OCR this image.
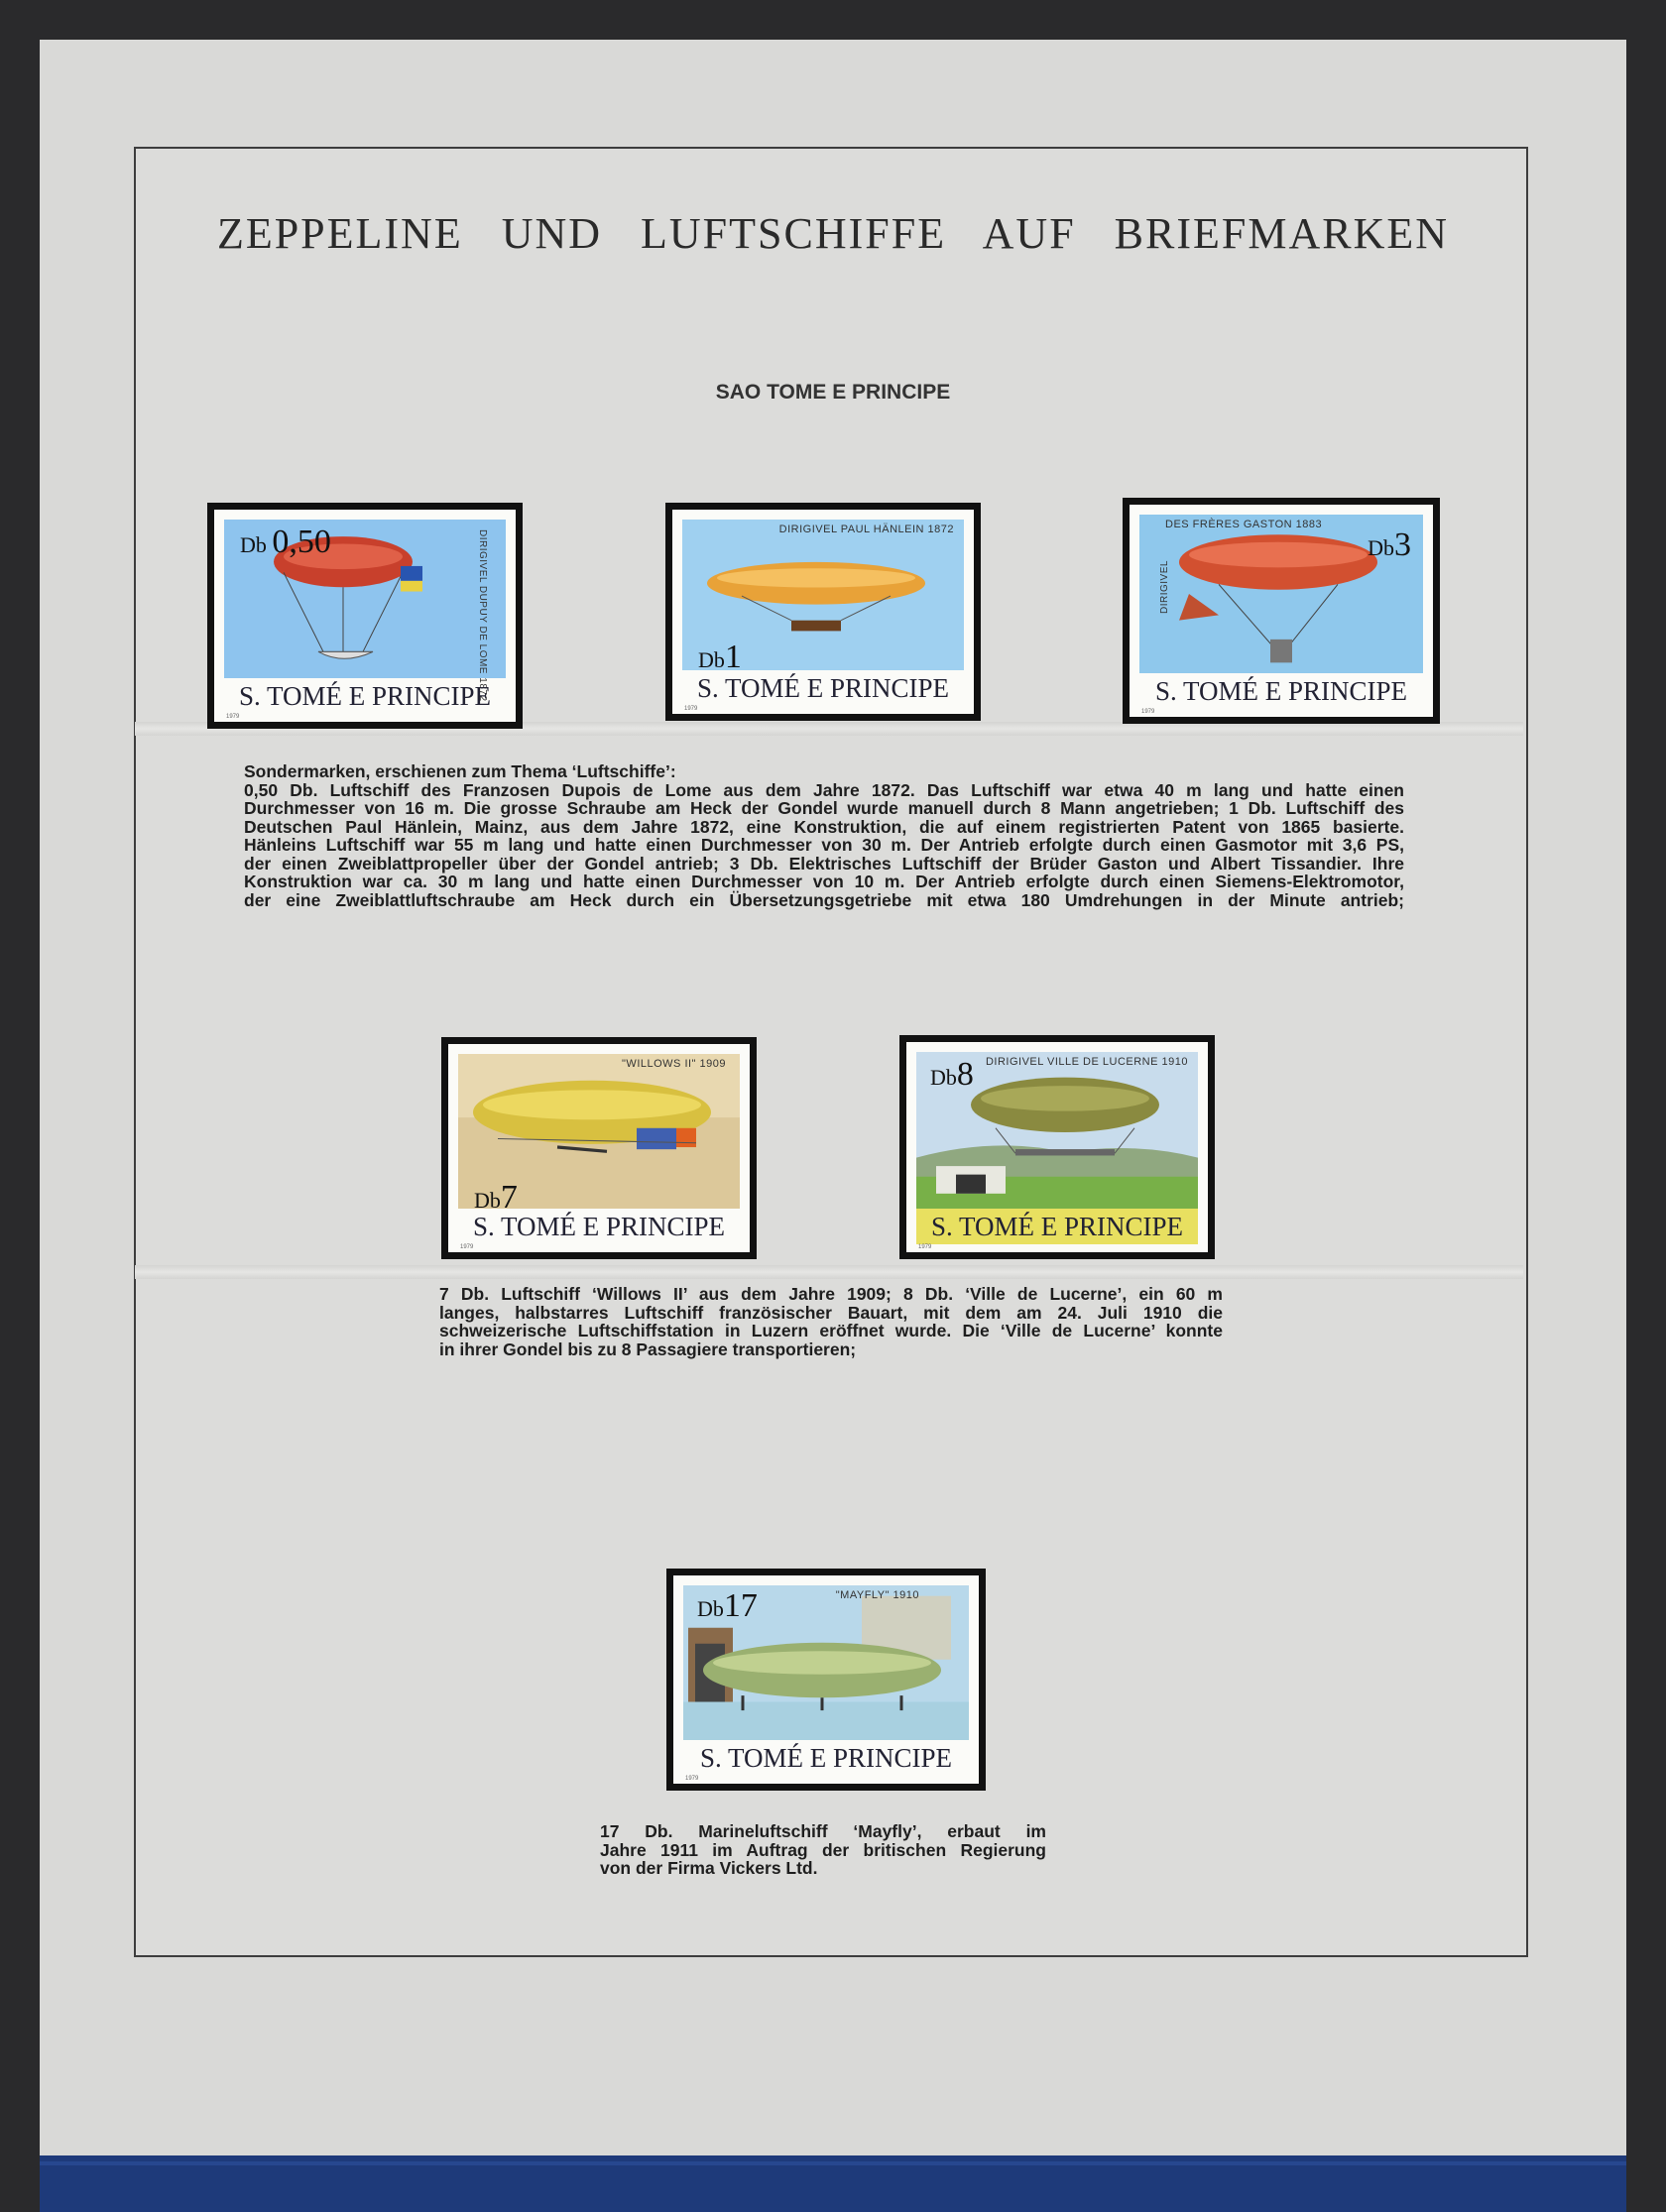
ZEPPELINE UND LUFTSCHIFFE AUF BRIEFMARKEN
SAO TOME E PRINCIPE
Db 0,50	DIRIGIVEL DUPUY DE LOME 1872
S. TOMÉ E PRINCIPE
1979
DIRIGIVEL PAUL HÄNLEIN 1872
Db1
S. TOMÉ E PRINCIPE
1979
DES FRÈRES GASTON 1883
DIRIGIVEL
Db3
S. TOMÉ E PRINCIPE
1979
Sondermarken, erschienen zum Thema ‘Luftschiffe’:
0,50 Db. Luftschiff des Franzosen Dupois de Lome aus dem Jahre 1872. Das Luftschiff war etwa 40 m lang und hatte einen
Durchmesser von 16 m. Die grosse Schraube am Heck der Gondel wurde manuell durch 8 Mann angetrieben; 1 Db. Luftschiff des
Deutschen Paul Hänlein, Mainz, aus dem Jahre 1872, eine Konstruktion, die auf einem registrierten Patent von 1865 basierte.
Hänleins Luftschiff war 55 m lang und hatte einen Durchmesser von 30 m. Der Antrieb erfolgte durch einen Gasmotor mit 3,6 PS,
der einen Zweiblattpropeller über der Gondel antrieb; 3 Db. Elektrisches Luftschiff der Brüder Gaston und Albert Tissandier. Ihre
Konstruktion war ca. 30 m lang und hatte einen Durchmesser von 10 m. Der Antrieb erfolgte durch einen Siemens-Elektromotor,
der eine Zweiblattluftschraube am Heck durch ein Übersetzungsgetriebe mit etwa 180 Umdrehungen in der Minute antrieb;
"WILLOWS II" 1909
Db7
S. TOMÉ E PRINCIPE
1979
DIRIGIVEL VILLE DE LUCERNE 1910
Db8
S. TOMÉ E PRINCIPE
1979
7 Db. Luftschiff ‘Willows II’ aus dem Jahre 1909; 8 Db. ‘Ville de Lucerne’, ein 60 m
langes, halbstarres Luftschiff französischer Bauart, mit dem am 24. Juli 1910 die
schweizerische Luftschiffstation in Luzern eröffnet wurde. Die ‘Ville de Lucerne’ konnte
in ihrer Gondel bis zu 8 Passagiere transportieren;
"MAYFLY" 1910
Db17
S. TOMÉ E PRINCIPE
1979
17 Db. Marineluftschiff ‘Mayfly’, erbaut im
Jahre 1911 im Auftrag der britischen Regierung
von der Firma Vickers Ltd.
